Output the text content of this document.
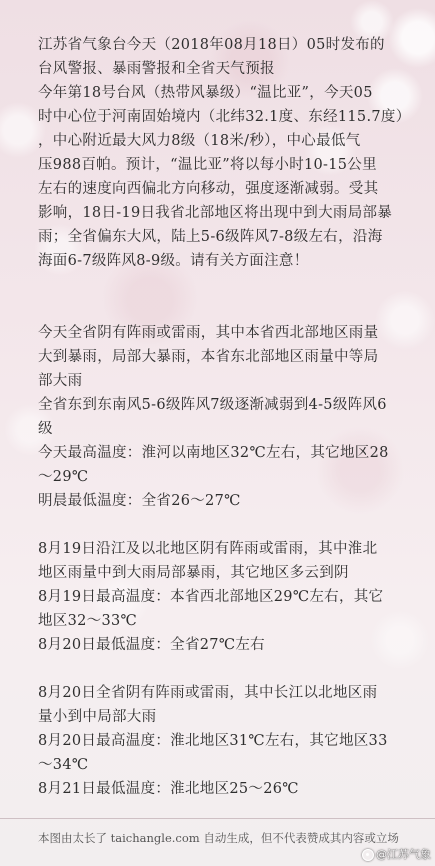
江苏省气象台今天（2018年08月18日）05时发布的
台风警报、暴雨警报和全省天气预报
今年第18号台风（热带风暴级）“温比亚”，今天05
时中心位于河南固始境内（北纬32.1度、东经115.7度）
，中心附近最大风力8级（18米/秒），中心最低气
压988百帕。预计，“温比亚”将以每小时10-15公里
左右的速度向西偏北方向移动，强度逐渐减弱。受其
影响，18日-19日我省北部地区将出现中到大雨局部暴
雨；全省偏东大风，陆上5-6级阵风7-8级左右，沿海
海面6-7级阵风8-9级。请有关方面注意！
今天全省阴有阵雨或雷雨，其中本省西北部地区雨量
大到暴雨，局部大暴雨，本省东北部地区雨量中等局
部大雨
全省东到东南风5-6级阵风7级逐渐减弱到4-5级阵风6
级
今天最高温度：淮河以南地区32℃左右，其它地区28
～29℃
明晨最低温度：全省26～27℃
8月19日沿江及以北地区阴有阵雨或雷雨，其中淮北
地区雨量中到大雨局部暴雨，其它地区多云到阴
8月19日最高温度：本省西北部地区29℃左右，其它
地区32～33℃
8月20日最低温度：全省27℃左右
8月20日全省阴有阵雨或雷雨，其中长江以北地区雨
量小到中局部大雨
8月20日最高温度：淮北地区31℃左右，其它地区33
～34℃
8月21日最低温度：淮北地区25～26℃
本图由太长了 taichangle.com 自动生成，但不代表赞成其内容或立场
@江苏气象
